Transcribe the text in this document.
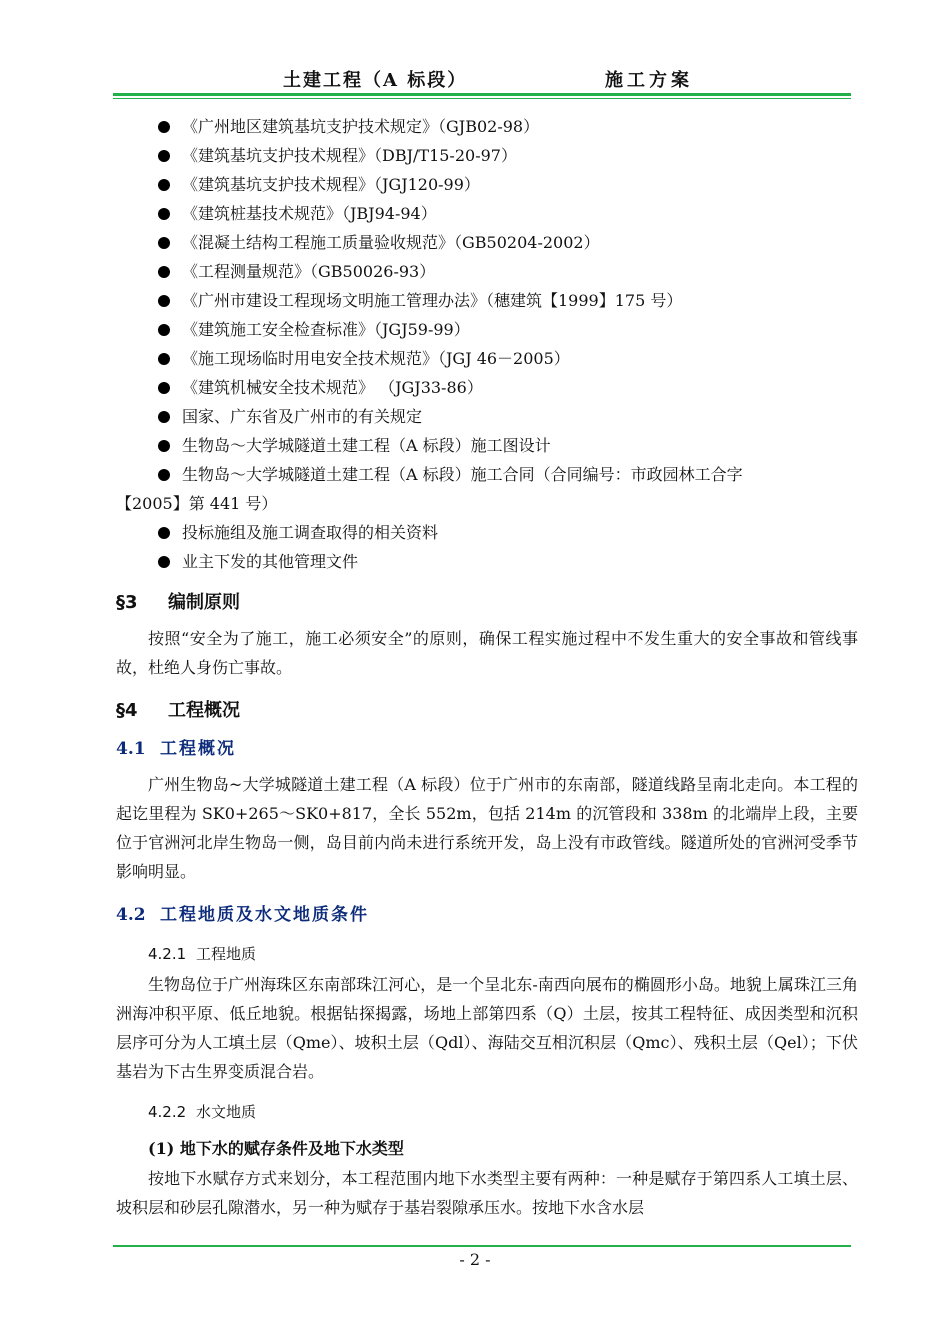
土建工程（A 标段）	施工方案
《广州地区建筑基坑支护技术规定》（GJB02-98）
《建筑基坑支护技术规程》（DBJ/T15-20-97）
《建筑基坑支护技术规程》（JGJ120-99）
《建筑桩基技术规范》（JBJ94-94）
《混凝土结构工程施工质量验收规范》（GB50204-2002）
《工程测量规范》（GB50026-93）
《广州市建设工程现场文明施工管理办法》（穗建筑【1999】175 号）
《建筑施工安全检查标准》（JGJ59-99）
《施工现场临时用电安全技术规范》（JGJ 46－2005）
《建筑机械安全技术规范》 （JGJ33-86）
国家、广东省及广州市的有关规定
生物岛～大学城隧道土建工程（A 标段）施工图设计
生物岛～大学城隧道土建工程（A 标段）施工合同（合同编号：市政园林工合字
【2005】第 441 号）
投标施组及施工调查取得的相关资料
业主下发的其他管理文件
§3 编制原则

按照“安全为了施工，施工必须安全”的原则，确保工程实施过程中不发生重大的安全事故和管线事故，杜绝人身伤亡事故。

§4 工程概况
4.1 工程概况

广州生物岛~大学城隧道土建工程（A 标段）位于广州市的东南部，隧道线路呈南北走向。本工程的起讫里程为 SK0+265～SK0+817，全长 552m，包括 214m 的沉管段和 338m 的北端岸上段，主要位于官洲河北岸生物岛一侧，岛目前内尚未进行系统开发，岛上没有市政管线。隧道所处的官洲河受季节影响明显。

4.2 工程地质及水文地质条件
4.2.1 工程地质

生物岛位于广州海珠区东南部珠江河心，是一个呈北东-南西向展布的椭圆形小岛。地貌上属珠江三角洲海冲积平原、低丘地貌。根据钻探揭露，场地上部第四系（Q）土层，按其工程特征、成因类型和沉积层序可分为人工填土层（Qme）、坡积土层（Qdl）、海陆交互相沉积层（Qmc）、残积土层（Qel）；下伏基岩为下古生界变质混合岩。

4.2.2 水文地质
(1) 地下水的赋存条件及地下水类型

按地下水赋存方式来划分，本工程范围内地下水类型主要有两种：一种是赋存于第四系人工填土层、坡积层和砂层孔隙潜水，另一种为赋存于基岩裂隙承压水。按地下水含水层

- 2 -
